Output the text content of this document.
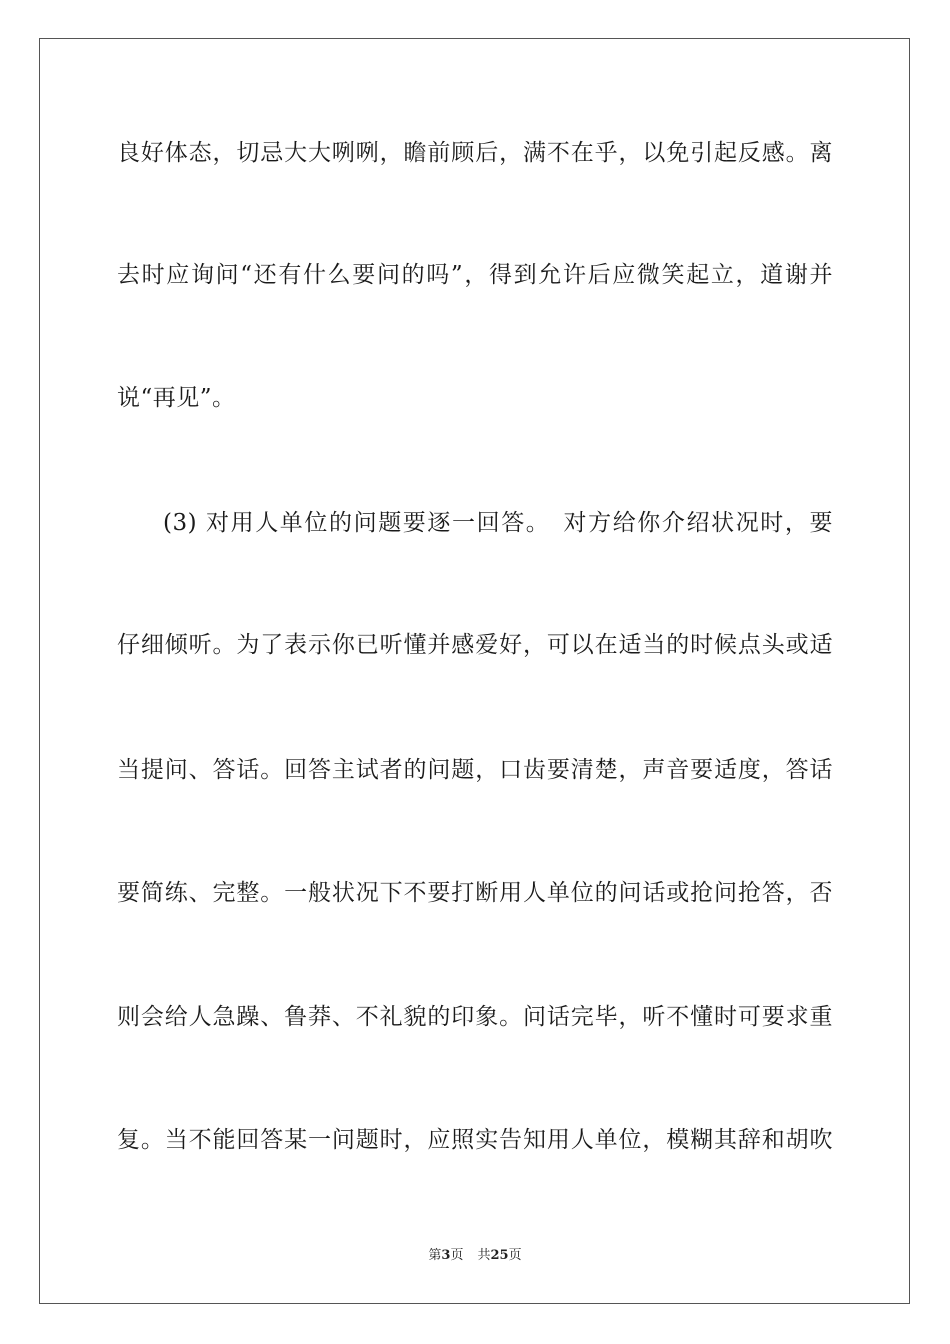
良好体态，切忌大大咧咧，瞻前顾后，满不在乎，以免引起反感。离
去时应询问“还有什么要问的吗”，得到允许后应微笑起立，道谢并
说“再见”。
(3) 对用人单位的问题要逐一回答。　对方给你介绍状况时，要
仔细倾听。为了表示你已听懂并感爱好，可以在适当的时候点头或适
当提问、答话。回答主试者的问题，口齿要清楚，声音要适度，答话
要简练、完整。一般状况下不要打断用人单位的问话或抢问抢答，否
则会给人急躁、鲁莽、不礼貌的印象。问话完毕，听不懂时可要求重
复。当不能回答某一问题时，应照实告知用人单位，模糊其辞和胡吹
第3页 共25页
